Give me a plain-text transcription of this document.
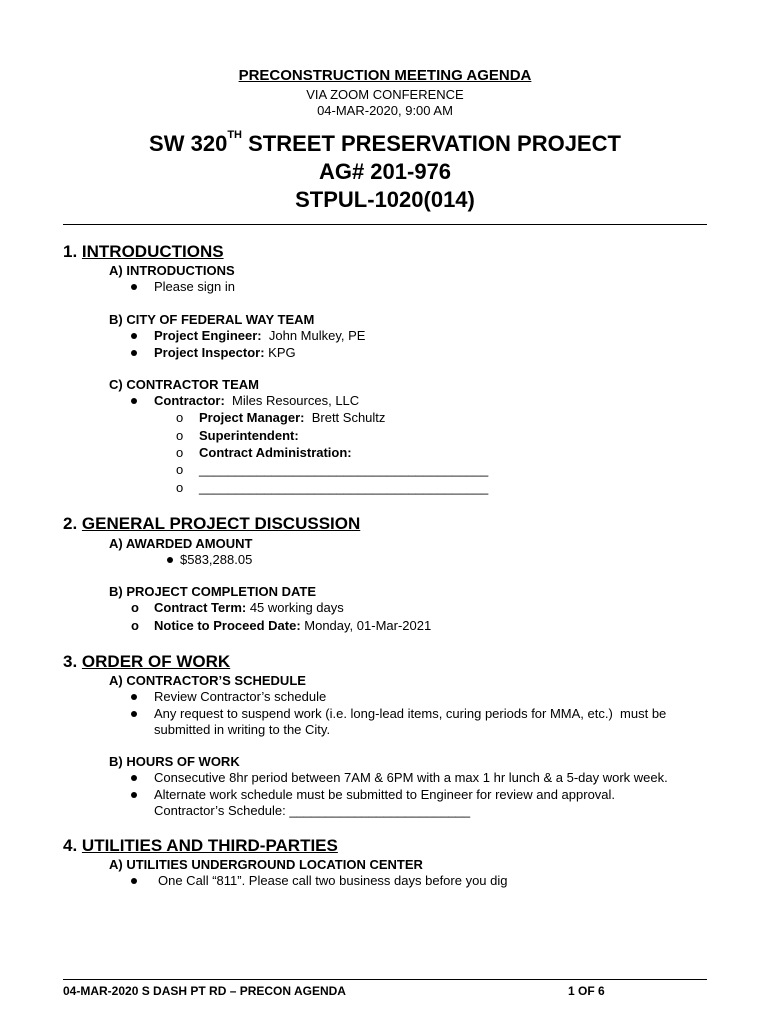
PRECONSTRUCTION MEETING AGENDA
VIA ZOOM CONFERENCE
04-MAR-2020, 9:00 AM
SW 320TH STREET PRESERVATION PROJECT
AG# 201-976
STPUL-1020(014)
1. INTRODUCTIONS
A) INTRODUCTIONS
Please sign in
B) CITY OF FEDERAL WAY TEAM
Project Engineer:  John Mulkey, PE
Project Inspector: KPG
C) CONTRACTOR TEAM
Contractor:  Miles Resources, LLC
o Project Manager:  Brett Schultz
o Superintendent:
o Contract Administration:
o ________________________________________
o ________________________________________
2. GENERAL PROJECT DISCUSSION
A) AWARDED AMOUNT
$583,288.05
B) PROJECT COMPLETION DATE
o Contract Term: 45 working days
o Notice to Proceed Date: Monday, 01-Mar-2021
3. ORDER OF WORK
A) CONTRACTOR’S SCHEDULE
Review Contractor’s schedule
Any request to suspend work (i.e. long-lead items, curing periods for MMA, etc.)  must be
submitted in writing to the City.
B) HOURS OF WORK
Consecutive 8hr period between 7AM & 6PM with a max 1 hr lunch & a 5-day work week.
Alternate work schedule must be submitted to Engineer for review and approval.
Contractor’s Schedule: _________________________
4. UTILITIES AND THIRD-PARTIES
A) UTILITIES UNDERGROUND LOCATION CENTER
One Call “811”. Please call two business days before you dig
04-MAR-2020 S DASH PT RD – PRECON AGENDA	1 OF 6
